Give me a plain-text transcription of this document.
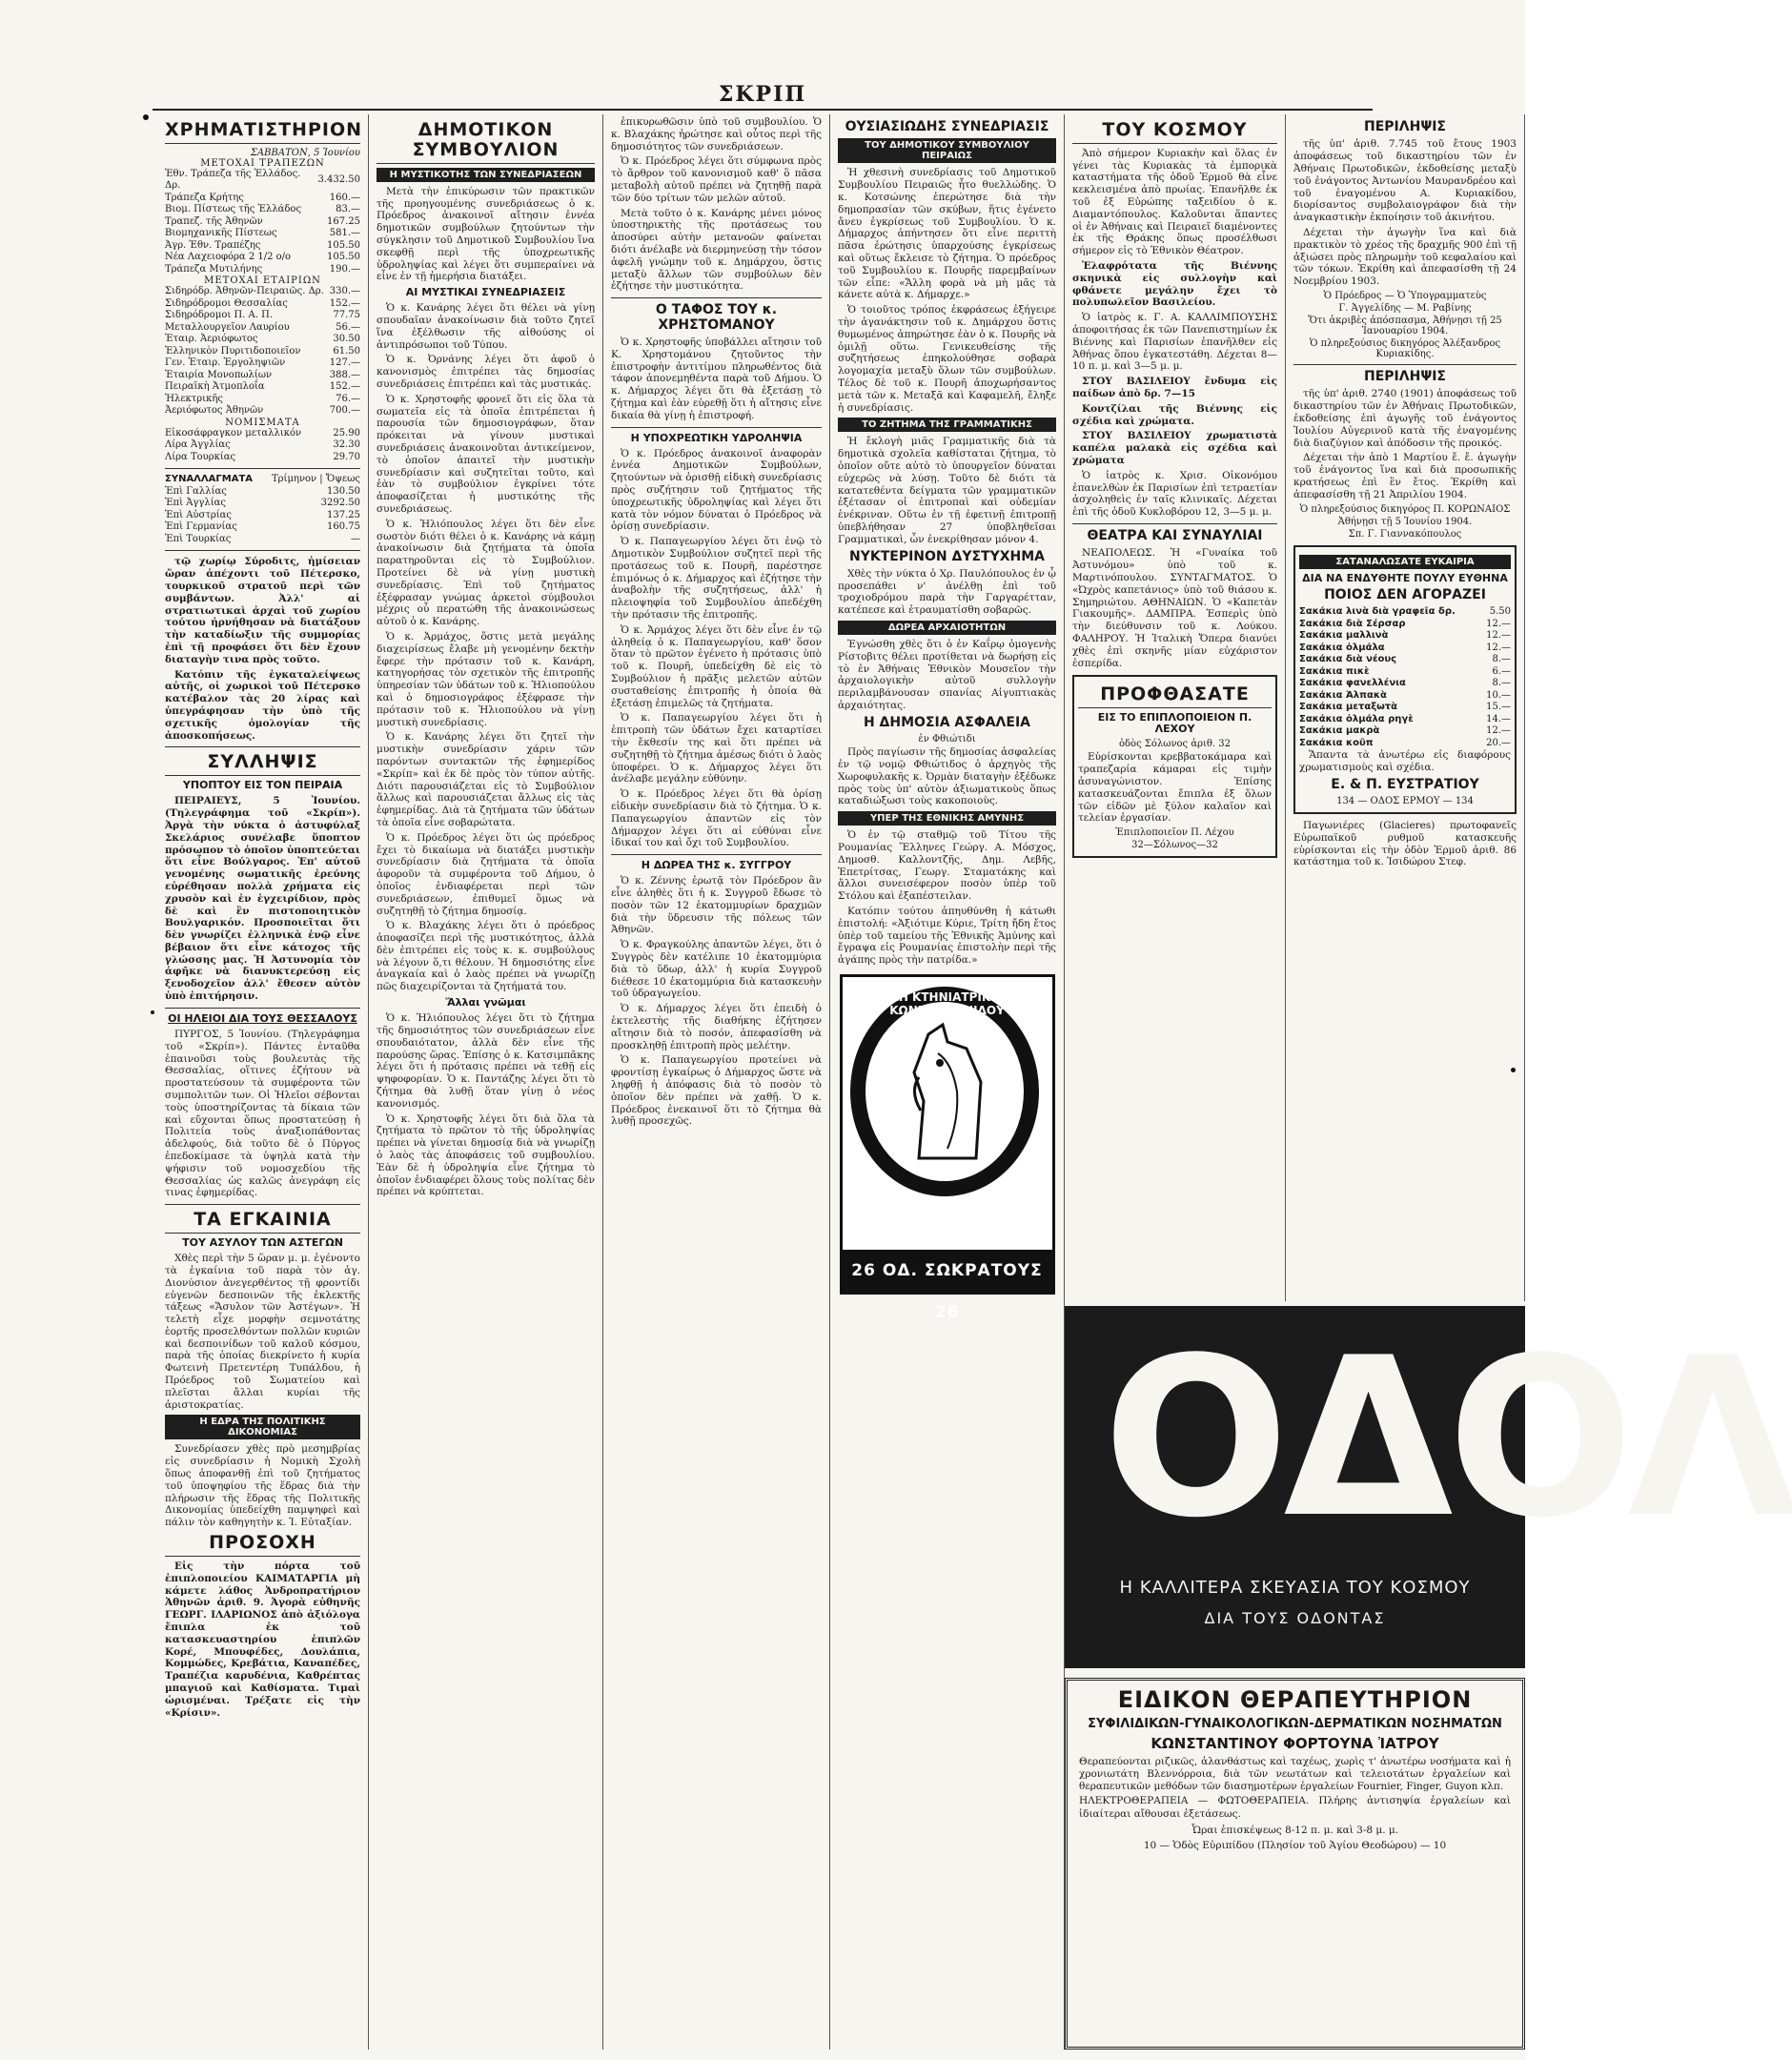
ΣΚΡΙΠ
ΧΡΗΜΑΤΙΣΤΗΡΙΟΝ
ΣΑΒΒΑΤΟΝ, 5 Ἰουνίου
ΜΕΤΟΧΑΙ ΤΡΑΠΕΖΩΝ
Ἐθν. Τράπεζα τῆς Ἑλλάδος. Δρ.	3.432.50
Τράπεζα Κρήτης	160.—
Βιομ. Πίστεως τῆς Ἑλλάδος	83.—
Τραπεζ. τῆς Ἀθηνῶν	167.25
Βιομηχανικῆς Πίστεως	581.—
Ἀγρ. Ἐθν. Τραπέζης	105.50
Νέα Λαχειοφόρα 2 1/2 ο/ο	105.50
Τράπεζα Μυτιλήνης	190.—
ΜΕΤΟΧΑΙ ΕΤΑΙΡΙΩΝ
Σιδηρόδρ. Ἀθηνῶν-Πειραιῶς. Δρ.	330.—
Σιδηρόδρομοι Θεσσαλίας	152.—
Σιδηρόδρομοι Π. Α. Π.	77.75
Μεταλλουργεῖον Λαυρίου	56.—
Ἐταιρ. Ἀεριόφωτος	30.50
Ἑλληνικὸν Πυριτιδοποιεῖον	61.50
Γεν. Ἐταιρ. Ἐργοληψιῶν	127.—
Ἐταιρία Μονοπωλίων	388.—
Πειραϊκὴ Ἀτμοπλοΐα	152.—
Ἠλεκτρικῆς	76.—
Ἀεριόφωτος Ἀθηνῶν	700.—
ΝΟΜΙΣΜΑΤΑ
Εἰκοσάφραγκον μεταλλικόν	25.90
Λίρα Ἀγγλίας	32.30
Λίρα Τουρκίας	29.70
ΣΥΝΑΛΛΑΓΜΑΤΑ Τρίμηνον | Ὄψεως
Ἐπὶ Γαλλίας	130.50
Ἐπὶ Ἀγγλίας	3292.50
Ἐπὶ Αὐστρίας	137.25
Ἐπὶ Γερμανίας	160.75
Ἐπὶ Τουρκίας	—

τῷ χωρίῳ Σύροδιτς, ἡμίσειαν ὥραν ἀπέχοντι τοῦ Πέτερσκο, τουρκικοῦ στρατοῦ περὶ τῶν συμβάντων. Ἀλλ' αἱ στρατιωτικαὶ ἀρχαὶ τοῦ χωρίου τούτου ἠρνήθησαν νὰ διατάξουν τὴν καταδίωξιν τῆς συμμορίας ἐπὶ τῇ προφάσει ὅτι δὲν ἔχουν διαταγὴν τινα πρὸς τοῦτο.

Κατόπιν τῆς ἐγκαταλείψεως αὐτῆς, οἱ χωρικοὶ τοῦ Πέτερσκο κατέβαλον τὰς 20 λίρας καὶ ὑπεγράφησαν τὴν ὑπὸ τῆς σχετικῆς ὁμολογίαν τῆς ἀποσκοπήσεως.

ΣΥΛΛΗΨΙΣ
ΥΠΟΠΤΟΥ ΕΙΣ ΤΟΝ ΠΕΙΡΑΙΑ

ΠΕΙΡΑΙΕΥΣ, 5 Ἰουνίου. (Τηλεγράφημα τοῦ «Σκρίπ»). Ἀργὰ τὴν νύκτα ὁ ἀστυφύλαξ Σκελάριος συνέλαβε ὕποπτον πρόσωπον τὸ ὁποῖον ὑποπτεύεται ὅτι εἶνε Βούλγαρος. Ἐπ' αὐτοῦ γενομένης σωματικῆς ἐρεύνης εὑρέθησαν πολλὰ χρήματα εἰς χρυσὸν καὶ ἐν ἐγχειρίδιον, πρὸς δὲ καὶ ἓν πιστοποιητικὸν Βουλγαρικόν. Προσποιεῖται ὅτι δὲν γνωρίζει ἑλληνικὰ ἐνῷ εἶνε βέβαιον ὅτι εἶνε κάτοχος τῆς γλώσσης μας. Ἡ Ἀστυνομία τὸν ἀφῆκε νὰ διανυκτερεύσῃ εἰς ξενοδοχεῖον ἀλλ' ἔθεσεν αὐτὸν ὑπὸ ἐπιτήρησιν.

ΟΙ ΗΛΕΙΟΙ ΔΙΑ ΤΟΥΣ ΘΕΣΣΑΛΟΥΣ

ΠΥΡΓΟΣ, 5 Ἰουνίου. (Τηλεγράφημα τοῦ «Σκρίπ»). Πάντες ἐνταῦθα ἐπαινοῦσι τοὺς βουλευτὰς τῆς Θεσσαλίας, οἵτινες ἐζήτουν νὰ προστατεύσουν τὰ συμφέροντα τῶν συμπολιτῶν των. Οἱ Ἠλεῖοι σέβονται τοὺς ὑποστηρίζοντας τὰ δίκαια τῶν καὶ εὔχονται ὅπως προστατεύσῃ ἡ Πολιτεία τοὺς ἀναξιοπάθοντας ἀδελφούς, διὰ τοῦτο δὲ ὁ Πύργος ἐπεδοκίμασε τὰ ὑψηλὰ κατὰ τὴν ψήφισιν τοῦ νομοσχεδίου τῆς Θεσσαλίας ὡς καλῶς ἀνεγράφη εἰς τινας ἐφημερίδας.

ΤΑ ΕΓΚΑΙΝΙΑ
ΤΟΥ ΑΣΥΛΟΥ ΤΩΝ ΑΣΤΕΓΩΝ

Χθὲς περὶ τὴν 5 ὥραν μ. μ. ἐγένοντο τὰ ἐγκαίνια τοῦ παρὰ τὸν ἁγ. Διονύσιον ἀνεγερθέντος τῇ φροντίδι εὐγενῶν δεσποινῶν τῆς ἐκλεκτῆς τάξεως «Ἄσυλον τῶν Ἀστέγων». Ἡ τελετὴ εἶχε μορφὴν σεμνοτάτης ἑορτῆς προσελθόντων πολλῶν κυριῶν καὶ δεσποινίδων τοῦ καλοῦ κόσμου, παρὰ τῆς ὁποίας διεκρίνετο ἡ κυρία Φωτεινὴ Πρετεντέρη Τυπάλδου, ἡ Πρόεδρος τοῦ Σωματείου καὶ πλεῖσται ἄλλαι κυρίαι τῆς ἀριστοκρατίας.

Η ΕΔΡΑ ΤΗΣ ΠΟΛΙΤΙΚΗΣ ΔΙΚΟΝΟΜΙΑΣ

Συνεδρίασεν χθὲς πρὸ μεσημβρίας εἰς συνεδρίασιν ἡ Νομικὴ Σχολὴ ὅπως ἀποφανθῇ ἐπὶ τοῦ ζητήματος τοῦ ὑποψηφίου τῆς ἕδρας διὰ τὴν πλήρωσιν τῆς ἕδρας τῆς Πολιτικῆς Δικονομίας ὑπεδείχθη παμψηφεὶ καὶ πάλιν τὸν καθηγητὴν κ. Ἰ. Εὐταξίαν.

ΠΡΟΣΟΧΗ

Εἰς τὴν πόρτα τοῦ ἐπιπλοποιείου ΚΑΙΜΑΤΑΡΓΙΑ μὴ κάμετε λάθος Ἀνδροπρατήριον Ἀθηνῶν ἀριθ. 9. Ἀγορὰ εὐθηνῆς ΓΕΩΡΓ. ΙΛΑΡΙΩΝΟΣ ἀπὸ ἀξιόλογα ἔπιπλα ἐκ τοῦ κατασκευαστηρίου ἐπιπλῶν Κορέ, Μπουφέδες, Δουλάπια, Κομμώδες, Κρεβάτια, Καναπέδες, Τραπέζια καρυδένια, Καθρέπτας μπαγιοῦ καὶ Καθίσματα. Τιμαὶ ὡρισμέναι. Τρέξατε εἰς τὴν «Κρίσιν».

ΔΗΜΟΤΙΚΟΝ ΣΥΜΒΟΥΛΙΟΝ
Η ΜΥΣΤΙΚΟΤΗΣ ΤΩΝ ΣΥΝΕΔΡΙΑΣΕΩΝ

Μετὰ τὴν ἐπικύρωσιν τῶν πρακτικῶν τῆς προηγουμένης συνεδριάσεως ὁ κ. Πρόεδρος ἀνακοινοῖ αἴτησιν ἐννέα δημοτικῶν συμβούλων ζητούντων τὴν σύγκλησιν τοῦ Δημοτικοῦ Συμβουλίου ἵνα σκεφθῇ περὶ τῆς ὑποχρεωτικῆς ὑδροληψίας καὶ λέγει ὅτι συμπεραίνει νὰ εἶνε ἐν τῇ ἡμερήσια διατάξει.

ΑΙ ΜΥΣΤΙΚΑΙ ΣΥΝΕΔΡΙΑΣΕΙΣ

Ὁ κ. Κανάρης λέγει ὅτι θέλει νὰ γίνῃ σπουδαῖαν ἀνακοίνωσιν διὰ τοῦτο ζητεῖ ἵνα ἐξέλθωσιν τῆς αἰθούσης οἱ ἀντιπρόσωποι τοῦ Τύπου.

Ὁ κ. Ὀρνάνης λέγει ὅτι ἀφοῦ ὁ κανονισμὸς ἐπιτρέπει τὰς δημοσίας συνεδριάσεις ἐπιτρέπει καὶ τὰς μυστικάς.

Ὁ κ. Χρηστοφῆς φρονεῖ ὅτι εἰς ὅλα τὰ σωματεῖα εἰς τὰ ὁποῖα ἐπιτρέπεται ἡ παρουσία τῶν δημοσιογράφων, ὅταν πρόκειται νὰ γίνουν μυστικαὶ συνεδριάσεις ἀνακοινοῦται ἀντικείμενον, τὸ ὁποῖον ἀπαιτεῖ τὴν μυστικὴν συνεδρίασιν καὶ συζητεῖται τοῦτο, καὶ ἐὰν τὸ συμβούλιον ἐγκρίνει τότε ἀποφασίζεται ἡ μυστικότης τῆς συνεδριάσεως.

Ὁ κ. Ἠλιόπουλος λέγει ὅτι δὲν εἶνε σωστὸν διότι θέλει ὁ κ. Κανάρης νὰ κάμῃ ἀνακοίνωσιν διὰ ζητήματα τὰ ὁποῖα παρατηροῦνται εἰς τὸ Συμβούλιον. Προτείνει δὲ νὰ γίνῃ μυστικὴ συνεδρίασις. Ἐπὶ τοῦ ζητήματος ἐξέφρασαν γνώμας ἀρκετοὶ σύμβουλοι μέχρις οὗ περατώθη τῆς ἀνακοινώσεως αὐτοῦ ὁ κ. Κανάρης.

Ὁ κ. Ἀρμάχος, ὅστις μετὰ μεγάλης διαχειρίσεως ἔλαβε μὴ γενομένην δεκτὴν ἔφερε τὴν πρότασιν τοῦ κ. Κανάρη, κατηγορήσας τὸν σχετικὸν τῆς ἐπιτροπῆς ὑπηρεσίαν τῶν ὑδάτων τοῦ κ. Ἠλιοπούλου καὶ ὁ δημοσιογράφος ἐξέφρασε τὴν πρότασιν τοῦ κ. Ἠλιοπούλου νὰ γίνῃ μυστικὴ συνεδρίασις.

Ὁ κ. Κανάρης λέγει ὅτι ζητεῖ τὴν μυστικὴν συνεδρίασιν χάριν τῶν παρόντων συντακτῶν τῆς ἐφημερίδος «Σκρίπ» καὶ ἐκ δὲ πρὸς τὸν τύπον αὐτῆς. Διότι παρουσιάζεται εἰς τὸ Συμβούλιον ἄλλως καὶ παρουσιάζεται ἄλλως εἰς τὰς ἐφημερίδας. Διὰ τὰ ζητήματα τῶν ὑδάτων τὰ ὁποῖα εἶνε σοβαρώτατα.

Ὁ κ. Πρόεδρος λέγει ὅτι ὡς πρόεδρος ἔχει τὸ δικαίωμα νὰ διατάξει μυστικὴν συνεδρίασιν διὰ ζητήματα τὰ ὁποῖα ἀφοροῦν τὰ συμφέροντα τοῦ Δήμου, ὁ ὁποῖος ἐνδιαφέρεται περὶ τῶν συνεδριάσεων, ἐπιθυμεῖ ὅμως νὰ συζητηθῇ τὸ ζήτημα δημοσίᾳ.

Ὁ κ. Βλαχάκης λέγει ὅτι ὁ πρόεδρος ἀποφασίζει περὶ τῆς μυστικότητος, ἀλλὰ δὲν ἐπιτρέπει εἰς τοὺς κ. κ. συμβούλους νὰ λέγουν ὅ,τι θέλουν. Ἡ δημοσιότης εἶνε ἀναγκαία καὶ ὁ λαὸς πρέπει νὰ γνωρίζῃ πῶς διαχειρίζονται τὰ ζητήματά του.

Ἄλλαι γνῶμαι

Ὁ κ. Ἠλιόπουλος λέγει ὅτι τὸ ζήτημα τῆς δημοσιότητος τῶν συνεδριάσεων εἶνε σπουδαιότατον, ἀλλὰ δὲν εἶνε τῆς παρούσης ὥρας. Ἐπίσης ὁ κ. Κατσιμπᾶκης λέγει ὅτι ἡ πρότασις πρέπει νὰ τεθῇ εἰς ψηφοφορίαν. Ὁ κ. Παντάζης λέγει ὅτι τὸ ζήτημα θὰ λυθῇ ὅταν γίνῃ ὁ νέος κανονισμός.

Ὁ κ. Χρηστοφῆς λέγει ὅτι διὰ ὅλα τὰ ζητήματα τὸ πρῶτον τὸ τῆς ὑδροληψίας πρέπει νὰ γίνεται δημοσίᾳ διὰ νὰ γνωρίζῃ ὁ λαὸς τὰς ἀποφάσεις τοῦ συμβουλίου. Ἐὰν δὲ ἡ ὑδροληψία εἶνε ζήτημα τὸ ὁποῖον ἐνδιαφέρει ὅλους τοὺς πολίτας δὲν πρέπει νὰ κρύπτεται.

ἐπικυρωθῶσιν ὑπὸ τοῦ συμβουλίου. Ὁ κ. Βλαχάκης ἠρώτησε καὶ οὗτος περὶ τῆς δημοσιότητος τῶν συνεδριάσεων.

Ὁ κ. Πρόεδρος λέγει ὅτι σύμφωνα πρὸς τὸ ἄρθρον τοῦ κανονισμοῦ καθ' ὃ πᾶσα μεταβολὴ αὐτοῦ πρέπει νὰ ζητηθῇ παρὰ τῶν δύο τρίτων τῶν μελῶν αὐτοῦ.

Μετὰ τοῦτο ὁ κ. Κανάρης μένει μόνος ὑποστηρικτὴς τῆς προτάσεως του ἀποσύρει αὐτὴν μετανοῶν φαίνεται διότι ἀνέλαβε νὰ διερμηνεύσῃ τὴν τόσον ἀφελῆ γνώμην τοῦ κ. Δημάρχου, ὅστις μεταξὺ ἄλλων τῶν συμβούλων δὲν ἐζήτησε τὴν μυστικότητα.

Ο ΤΑΦΟΣ ΤΟΥ κ. ΧΡΗΣΤΟΜΑΝΟΥ

Ὁ κ. Χρηστοφῆς ὑποβάλλει αἴτησιν τοῦ Κ. Χρηστομάνου ζητοῦντος τὴν ἐπιστροφὴν ἀντιτίμου πληρωθέντος διὰ τάφον ἀπονεμηθέντα παρὰ τοῦ Δήμου. Ὁ κ. Δήμαρχος λέγει ὅτι θὰ ἐξετάσῃ τὸ ζήτημα καὶ ἐὰν εὑρεθῇ ὅτι ἡ αἴτησις εἶνε δικαία θὰ γίνῃ ἡ ἐπιστροφή.

Η ΥΠΟΧΡΕΩΤΙΚΗ ΥΔΡΟΛΗΨΙΑ

Ὁ κ. Πρόεδρος ἀνακοινοῖ ἀναφορὰν ἐννέα Δημοτικῶν Συμβούλων, ζητούντων νὰ ὁρισθῇ εἰδικὴ συνεδρίασις πρὸς συζήτησιν τοῦ ζητήματος τῆς ὑποχρεωτικῆς ὑδροληψίας καὶ λέγει ὅτι κατὰ τὸν νόμον δύναται ὁ Πρόεδρος νὰ ὁρίσῃ συνεδρίασιν.

Ὁ κ. Παπαγεωργίου λέγει ὅτι ἐνῷ τὸ Δημοτικὸν Συμβούλιον συζητεῖ περὶ τῆς προτάσεως τοῦ κ. Πουρῆ, παρέστησε ἐπιμόνως ὁ κ. Δήμαρχος καὶ ἐζήτησε τὴν ἀναβολὴν τῆς συζητήσεως, ἀλλ' ἡ πλειοψηφία τοῦ Συμβουλίου ἀπεδέχθη τὴν πρότασιν τῆς ἐπιτροπῆς.

Ὁ κ. Ἀρμάχος λέγει ὅτι δὲν εἶνε ἐν τῷ ἀληθείᾳ ὁ κ. Παπαγεωργίου, καθ' ὅσον ὅταν τὸ πρῶτον ἐγένετο ἡ πρότασις ὑπὸ τοῦ κ. Πουρῆ, ὑπεδείχθη δὲ εἰς τὸ Συμβούλιον ἡ πρᾶξις μελετῶν αὐτῶν συσταθείσης ἐπιτροπῆς ἡ ὁποία θὰ ἐξετάσῃ ἐπιμελῶς τὰ ζητήματα.

Ὁ κ. Παπαγεωργίου λέγει ὅτι ἡ ἐπιτροπὴ τῶν ὑδάτων ἔχει καταρτίσει τὴν ἔκθεσίν της καὶ ὅτι πρέπει νὰ συζητηθῇ τὸ ζήτημα ἀμέσως διότι ὁ λαὸς ὑποφέρει. Ὁ κ. Δήμαρχος λέγει ὅτι ἀνέλαβε μεγάλην εὐθύνην.

Ὁ κ. Πρόεδρος λέγει ὅτι θὰ ὁρίσῃ εἰδικὴν συνεδρίασιν διὰ τὸ ζήτημα. Ὁ κ. Παπαγεωργίου ἀπαντῶν εἰς τὸν Δήμαρχον λέγει ὅτι αἱ εὐθύναι εἶνε ἰδικαί του καὶ ὄχι τοῦ Συμβουλίου.

Η ΔΩΡΕΑ ΤΗΣ κ. ΣΥΓΓΡΟΥ

Ὁ κ. Ζέννης ἐρωτᾷ τὸν Πρόεδρον ἂν εἶνε ἀληθὲς ὅτι ἡ κ. Συγγροῦ ἔδωσε τὸ ποσὸν τῶν 12 ἑκατομμυρίων δραχμῶν διὰ τὴν ὕδρευσιν τῆς πόλεως τῶν Ἀθηνῶν.

Ὁ κ. Φραγκούλης ἀπαντῶν λέγει, ὅτι ὁ Συγγρὸς δὲν κατέλιπε 10 ἑκατομμύρια διὰ τὸ ὕδωρ, ἀλλ' ἡ κυρία Συγγροῦ διέθεσε 10 ἑκατομμύρια διὰ κατασκευὴν τοῦ ὑδραγωγείου.

Ὁ κ. Δήμαρχος λέγει ὅτι ἐπειδὴ ὁ ἐκτελεστὴς τῆς διαθήκης ἐζήτησεν αἴτησιν διὰ τὸ ποσόν, ἀπεφασίσθη νὰ προσκληθῇ ἐπιτροπὴ πρὸς μελέτην.

Ὁ κ. Παπαγεωργίου προτείνει νὰ φροντίσῃ ἐγκαίρως ὁ Δήμαρχος ὥστε νὰ ληφθῇ ἡ ἀπόφασις διὰ τὸ ποσὸν τὸ ὁποῖον δὲν πρέπει νὰ χαθῇ. Ὁ κ. Πρόεδρος ἐνεκαινοῖ ὅτι τὸ ζήτημα θὰ λυθῇ προσεχῶς.

ΟΥΣΙΑΣΙΩΔΗΣ ΣΥΝΕΔΡΙΑΣΙΣ
ΤΟΥ ΔΗΜΟΤΙΚΟΥ ΣΥΜΒΟΥΛΙΟΥ ΠΕΙΡΑΙΩΣ

Ἡ χθεσινὴ συνεδρίασις τοῦ Δημοτικοῦ Συμβουλίου Πειραιῶς ἦτο θυελλώδης. Ὁ κ. Κοτσώνης ἐπερώτησε διὰ τὴν δημοπρασίαν τῶν σκύβων, ἥτις ἐγένετο ἄνευ ἐγκρίσεως τοῦ Συμβουλίου. Ὁ κ. Δήμαρχος ἀπήντησεν ὅτι εἶνε περιττὴ πᾶσα ἐρώτησις ὑπαρχούσης ἐγκρίσεως καὶ οὕτως ἔκλεισε τὸ ζήτημα. Ὁ πρόεδρος τοῦ Συμβουλίου κ. Πουρῆς παρεμβαίνων τῶν εἶπε: «Ἄλλη φορὰ νὰ μὴ μᾶς τὰ κάνετε αὐτὰ κ. Δήμαρχε.»

Ὁ τοιοῦτος τρόπος ἐκφράσεως ἐξήγειρε τὴν ἀγανάκτησιν τοῦ κ. Δημάρχου ὅστις θυμωμένος ἀπηρώτησε ἐὰν ὁ κ. Πουρῆς νὰ ὁμιλῇ οὕτω. Γενικευθείσης τῆς συζητήσεως ἐπηκολούθησε σοβαρὰ λογομαχία μεταξὺ ὅλων τῶν συμβούλων. Τέλος δὲ τοῦ κ. Πουρῆ ἀποχωρήσαντος μετὰ τῶν κ. Μεταξᾶ καὶ Καφαμελῆ, ἔληξε ἡ συνεδρίασις.

ΤΟ ΖΗΤΗΜΑ ΤΗΣ ΓΡΑΜΜΑΤΙΚΗΣ

Ἡ ἔκλογὴ μιᾶς Γραμματικῆς διὰ τὰ δημοτικὰ σχολεῖα καθίσταται ζήτημα, τὸ ὁποῖον οὔτε αὐτὸ τὸ ὑπουργεῖον δύναται εὐχερῶς νὰ λύσῃ. Τοῦτο δὲ διότι τὰ κατατεθέντα δείγματα τῶν γραμματικῶν ἐξέτασαν οἱ ἐπιτροπαὶ καὶ οὐδεμίαν ἐνέκριναν. Οὕτω ἐν τῇ ἐφετινῇ ἐπιτροπῇ ὑπεβλήθησαν 27 ὑποβληθεῖσαι Γραμματικαὶ, ὧν ἐνεκρίθησαν μόνον 4.

ΝΥΚΤΕΡΙΝΟΝ ΔΥΣΤΥΧΗΜΑ

Χθὲς τὴν νύκτα ὁ Χρ. Παυλόπουλος ἐν ᾧ προσεπάθει ν' ἀνέλθῃ ἐπὶ τοῦ τροχιοδρόμου παρὰ τὴν Γαργαρέτταν, κατέπεσε καὶ ἐτραυματίσθη σοβαρῶς.

ΔΩΡΕΑ ΑΡΧΑΙΟΤΗΤΩΝ

Ἐγνώσθη χθὲς ὅτι ὁ ἐν Καΐρῳ ὁμογενὴς Ρίστοβιτς θέλει προτίθεται νὰ δωρήσῃ εἰς τὸ ἐν Ἀθήναις Ἐθνικὸν Μουσεῖον τὴν ἀρχαιολογικὴν αὐτοῦ συλλογὴν περιλαμβάνουσαν σπανίας Αἰγυπτιακὰς ἀρχαιότητας.

Η ΔΗΜΟΣΙΑ ΑΣΦΑΛΕΙΑ
ἐν Φθιώτιδι

Πρὸς παγίωσιν τῆς δημοσίας ἀσφαλείας ἐν τῷ νομῷ Φθιώτιδος ὁ ἀρχηγὸς τῆς Χωροφυλακῆς κ. Ὀρμὰν διαταγὴν ἐξέδωκε πρὸς τοὺς ὑπ' αὐτὸν ἀξιωματικοὺς ὅπως καταδιώξωσι τοὺς κακοποιοὺς.

ΥΠΕΡ ΤΗΣ ΕΘΝΙΚΗΣ ΑΜΥΝΗΣ

Ὁ ἐν τῷ σταθμῷ τοῦ Τίτου τῆς Ρουμανίας Ἕλληνες Γεώργ. Α. Μόσχος, Δημοσθ. Καλλοντζῆς, Δημ. Λεβῆς, Ἐπετρίτσας, Γεωργ. Σταματάκης καὶ ἄλλοι συνεισέφερον ποσὸν ὑπὲρ τοῦ Στόλου καὶ ἐξαπέστειλαν.

Κατόπιν τούτου ἀπηυθύνθη ἡ κάτωθι ἐπιστολή: «Ἀξιότιμε Κύριε, Τρίτη ἤδη ἔτος ὑπὲρ τοῦ ταμείου τῆς Ἐθνικῆς Ἀμύνης καὶ ἔγραψα εἰς Ρουμανίας ἐπιστολὴν περὶ τῆς ἀγάπης πρὸς τὴν πατρίδα.»

ΝΙΚΗ ΚΤΗΝΙΑΤΡΙΚΗ Π. ΚΩΝΣΤΑΝΤΙΝΙΔΟΥ
26 ΟΔ. ΣΩΚΡΑΤΟΥΣ 26
ΤΟΥ ΚΟΣΜΟΥ

Ἀπὸ σήμερον Κυριακὴν καὶ ὅλας ἐν γένει τὰς Κυριακὰς τὰ ἐμπορικὰ καταστήματα τῆς ὁδοῦ Ἑρμοῦ θὰ εἶνε κεκλεισμένα ἀπὸ πρωίας. Ἐπανῆλθε ἐκ τοῦ ἐξ Εὐρώπης ταξειδίου ὁ κ. Διαμαντόπουλος. Καλοῦνται ἅπαντες οἱ ἐν Ἀθήναις καὶ Πειραιεῖ διαμένοντες ἐκ τῆς Θράκης ὅπως προσέλθωσι σήμερον εἰς τὸ Ἐθνικὸν Θέατρον.

Ἐλαφρότατα τῆς Βιέννης σκηνικὰ εἰς συλλογὴν καὶ φθάνετε μεγάλην ἔχει τὸ πολυπωλεῖον Βασιλείου.

Ὁ ἰατρὸς κ. Γ. Α. ΚΑΛΛΙΜΠΟΥΣΗΣ ἀποφοιτήσας ἐκ τῶν Πανεπιστημίων ἐκ Βιέννης καὶ Παρισίων ἐπανῆλθεν εἰς Ἀθήνας ὅπου ἐγκατεστάθη. Δέχεται 8—10 π. μ. καὶ 3—5 μ. μ.

ΣΤΟΥ ΒΑΣΙΛΕΙΟΥ ἔνδυμα εἰς παίδων ἀπὸ δρ. 7—15

Κοντζίλαι τῆς Βιέννης εἰς σχέδια καὶ χρώματα.

ΣΤΟΥ ΒΑΣΙΛΕΙΟΥ χρωματιστὰ καπέλα μαλακὰ εἰς σχέδια καὶ χρώματα

Ὁ ἰατρὸς κ. Χρισ. Οἰκονόμου ἐπανελθὼν ἐκ Παρισίων ἐπὶ τετραετίαν ἀσχοληθεὶς ἐν ταῖς κλινικαῖς. Δέχεται ἐπὶ τῆς ὁδοῦ Κυκλοβόρου 12, 3—5 μ. μ.

ΘΕΑΤΡΑ ΚΑΙ ΣΥΝΑΥΛΙΑΙ

ΝΕΑΠΟΛΕΩΣ. Ἡ «Γυναίκα τοῦ Ἀστυνόμου» ὑπὸ τοῦ κ. Μαρτινόπουλου. ΣΥΝΤΑΓΜΑΤΟΣ. Ὁ «Ὠχρὸς καπετάνιος» ὑπὸ τοῦ θιάσου κ. Σημηριώτου. ΑΘΗΝΑΙΩΝ. Ὁ «Καπετὰν Γιακουμῆς». ΔΑΜΠΡΑ. Ἑσπερὶς ὑπὸ τὴν διεύθυνσιν τοῦ κ. Λούκου. ΦΑΛΗΡΟΥ. Ἡ Ἰταλικὴ Ὄπερα διανύει χθὲς ἐπὶ σκηνῆς μίαν εὐχάριστον ἑσπερίδα.

ΠΡΟΦΘΑΣΑΤΕ
ΕΙΣ ΤΟ ΕΠΙΠΛΟΠΟΙΕΙΟΝ Π. ΛΕΧΟΥ
ὁδὸς Σόλωνος ἀριθ. 32

Εὑρίσκονται κρεββατοκάμαρα καὶ τραπεζαρία κάμαραι εἰς τιμὴν ἀσυναγώνιστον. Ἐπίσης κατασκευάζονται ἔπιπλα ἐξ ὅλων τῶν εἰδῶν μὲ ξύλον καλαῖον καὶ τελείαν ἐργασίαν.

Ἐπιπλοποιεῖον Π. Λέχου
32—Σόλωνος—32
ΠΕΡΙΛΗΨΙΣ

τῆς ὑπ' ἀριθ. 7.745 τοῦ ἔτους 1903 ἀποφάσεως τοῦ δικαστηρίου τῶν ἐν Ἀθήναις Πρωτοδικῶν, ἐκδοθείσης μεταξὺ τοῦ ἐνάγοντος Ἀντωνίου Μαυρανδρέου καὶ τοῦ ἐναγομένου Α. Κυριακίδου, διορίσαντος συμβολαιογράφον διὰ τὴν ἀναγκαστικὴν ἐκποίησιν τοῦ ἀκινήτου.

Δέχεται τὴν ἀγωγὴν ἵνα καὶ διὰ πρακτικὸν τὸ χρέος τῆς δραχμῆς 900 ἐπὶ τῇ ἀξιώσει πρὸς πληρωμὴν τοῦ κεφαλαίου καὶ τῶν τόκων. Ἐκρίθη καὶ ἀπεφασίσθη τῇ 24 Νοεμβρίου 1903.

Ὁ Πρόεδρος — Ὁ Ὑπογραμματεὺς
Γ. Ἀγγελίδης — Μ. Ραβίνης
Ὅτι ἀκριβὲς ἀπόσπασμα, Ἀθήνῃσι τῇ 25 Ἰανουαρίου 1904.
Ὁ πληρεξούσιος δικηγόρος Ἀλέξανδρος Κυριακίδης.
ΠΕΡΙΛΗΨΙΣ

τῆς ὑπ' ἀριθ. 2740 (1901) ἀποφάσεως τοῦ δικαστηρίου τῶν ἐν Ἀθήναις Πρωτοδικῶν, ἐκδοθείσης ἐπὶ ἀγωγῆς τοῦ ἐνάγοντος Ἰουλίου Αὐγερινοῦ κατὰ τῆς ἐναγομένης διὰ διαζύγιον καὶ ἀπόδοσιν τῆς προικός.

Δέχεται τὴν ἀπὸ 1 Μαρτίου ἔ. ἔ. ἀγωγὴν τοῦ ἐνάγοντος ἵνα καὶ διὰ προσωπικῆς κρατήσεως ἐπὶ ἓν ἔτος. Ἐκρίθη καὶ ἀπεφασίσθη τῇ 21 Ἀπριλίου 1904.

Ὁ πληρεξούσιος δικηγόρος Π. ΚΟΡΩΝΑΙΟΣ
Ἀθήνῃσι τῇ 5 Ἰουνίου 1904.
Σπ. Γ. Γιαννακόπουλος
ΣΑΤΑΝΑΛΩΣΑΤΕ ΕΥΚΑΙΡΙΑ
ΔΙΑ ΝΑ ΕΝΔΥΘΗΤΕ ΠΟΥΛΥ ΕΥΘΗΝΑ
ΠΟΙΟΣ ΔΕΝ ΑΓΟΡΑΖΕΙ
Σακάκια λινὰ διὰ γραφεῖα δρ.	5.50
Σακάκια διὰ Σέρσαρ	12.—
Σακάκια μαλλινὰ	12.—
Σακάκια ὀλμάλα	12.—
Σακάκια διὰ νέους	8.—
Σακάκια πικὲ	6.—
Σακάκια φανελλένια	8.—
Σακάκια Ἀλπακὰ	10.—
Σακάκια μεταξωτὰ	15.—
Σακάκια ὀλμάλα ρηγὲ	14.—
Σακάκια μακρὰ	12.—
Σακάκια κοῦπ	20.—

Ἅπαντα τὰ ἀνωτέρω εἰς διαφόρους χρωματισμοὺς καὶ σχέδια.

Ε. & Π. ΕΥΣΤΡΑΤΙΟΥ
134 — ΟΔΟΣ ΕΡΜΟΥ — 134

Παγωνιέρες (Glacieres) πρωτοφανεῖς Εὐρωπαϊκοῦ ρυθμοῦ κατασκευῆς εὑρίσκονται εἰς τὴν ὁδὸν Ἑρμοῦ ἀριθ. 86 κατάστημα τοῦ κ. Ἰσιδώρου Στεφ.

ΟΔΟΛ
Η ΚΑΛΛΙΤΕΡΑ ΣΚΕΥΑΣΙΑ ΤΟΥ ΚΟΣΜΟΥ
ΔΙΑ ΤΟΥΣ ΟΔΟΝΤΑΣ
ΕΙΔΙΚΟΝ ΘΕΡΑΠΕΥΤΗΡΙΟΝ
ΣΥΦΙΛΙΔΙΚΩΝ-ΓΥΝΑΙΚΟΛΟΓΙΚΩΝ-ΔΕΡΜΑΤΙΚΩΝ ΝΟΣΗΜΑΤΩΝ
ΚΩΝΣΤΑΝΤΙΝΟΥ ΦΟΡΤΟΥΝΑ ἸΑΤΡΟΥ

Θεραπεύονται ριζικῶς, ἀλανθάστως καὶ ταχέως, χωρὶς τ' ἀνωτέρω νοσήματα καὶ ἡ χρονιωτάτη Βλεννόρροια, διὰ τῶν νεωτάτων καὶ τελειοτάτων ἐργαλείων καὶ θεραπευτικῶν μεθόδων τῶν διασημοτέρων ἐργαλείων Fournier, Finger, Guyon κλπ.

ΗΛΕΚΤΡΟΘΕΡΑΠΕΙΑ — ΦΩΤΟΘΕΡΑΠΕΙΑ. Πλήρης ἀντισηψία ἐργαλείων καὶ ἰδιαίτεραι αἴθουσαι ἐξετάσεως.

Ὧραι ἐπισκέψεως 8-12 π. μ. καὶ 3-8 μ. μ.
10 — Ὁδὸς Εὐριπίδου (Πλησίον τοῦ Ἁγίου Θεοδώρου) — 10
